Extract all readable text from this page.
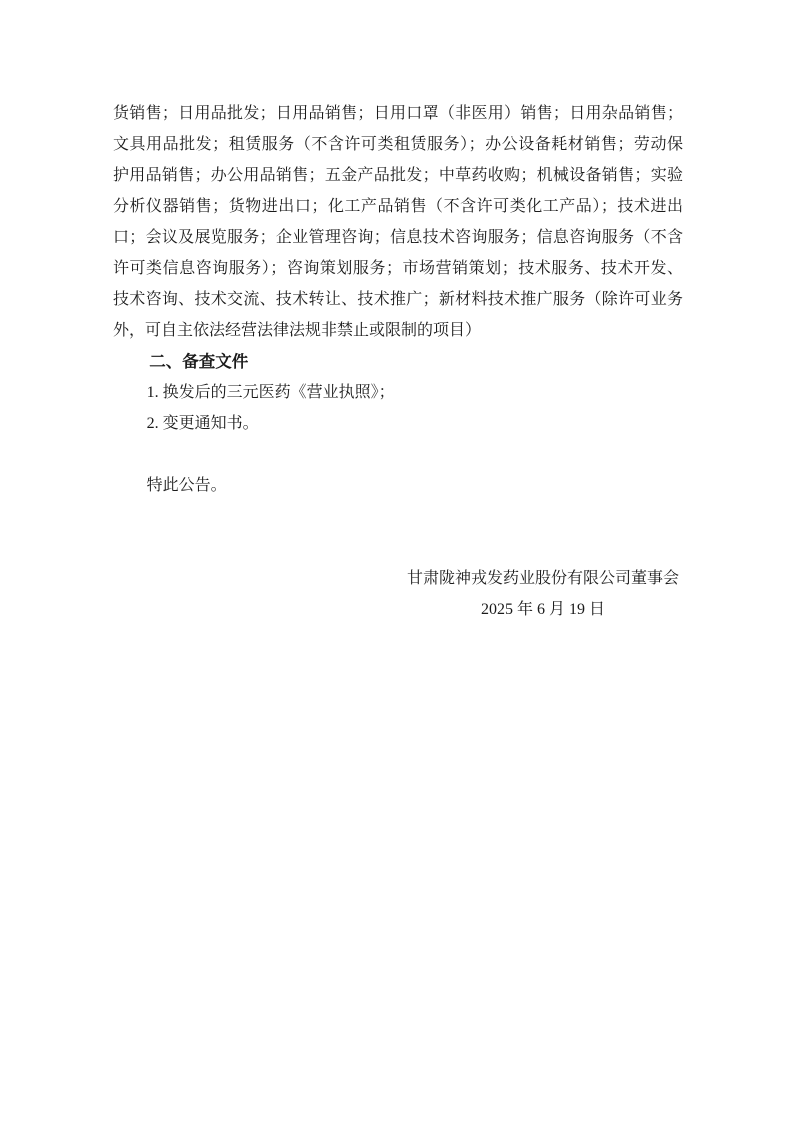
货销售；日用品批发；日用品销售；日用口罩（非医用）销售；日用杂品销售；

文具用品批发；租赁服务（不含许可类租赁服务）；办公设备耗材销售；劳动保

护用品销售；办公用品销售；五金产品批发；中草药收购；机械设备销售；实验

分析仪器销售；货物进出口；化工产品销售（不含许可类化工产品）；技术进出

口；会议及展览服务；企业管理咨询；信息技术咨询服务；信息咨询服务（不含

许可类信息咨询服务）；咨询策划服务；市场营销策划；技术服务、技术开发、

技术咨询、技术交流、技术转让、技术推广；新材料技术推广服务（除许可业务

外，可自主依法经营法律法规非禁止或限制的项目）

二、备查文件

1. 换发后的三元医药《营业执照》；

2. 变更通知书。

特此公告。

甘肃陇神戎发药业股份有限公司董事会

2025 年 6 月 19 日
